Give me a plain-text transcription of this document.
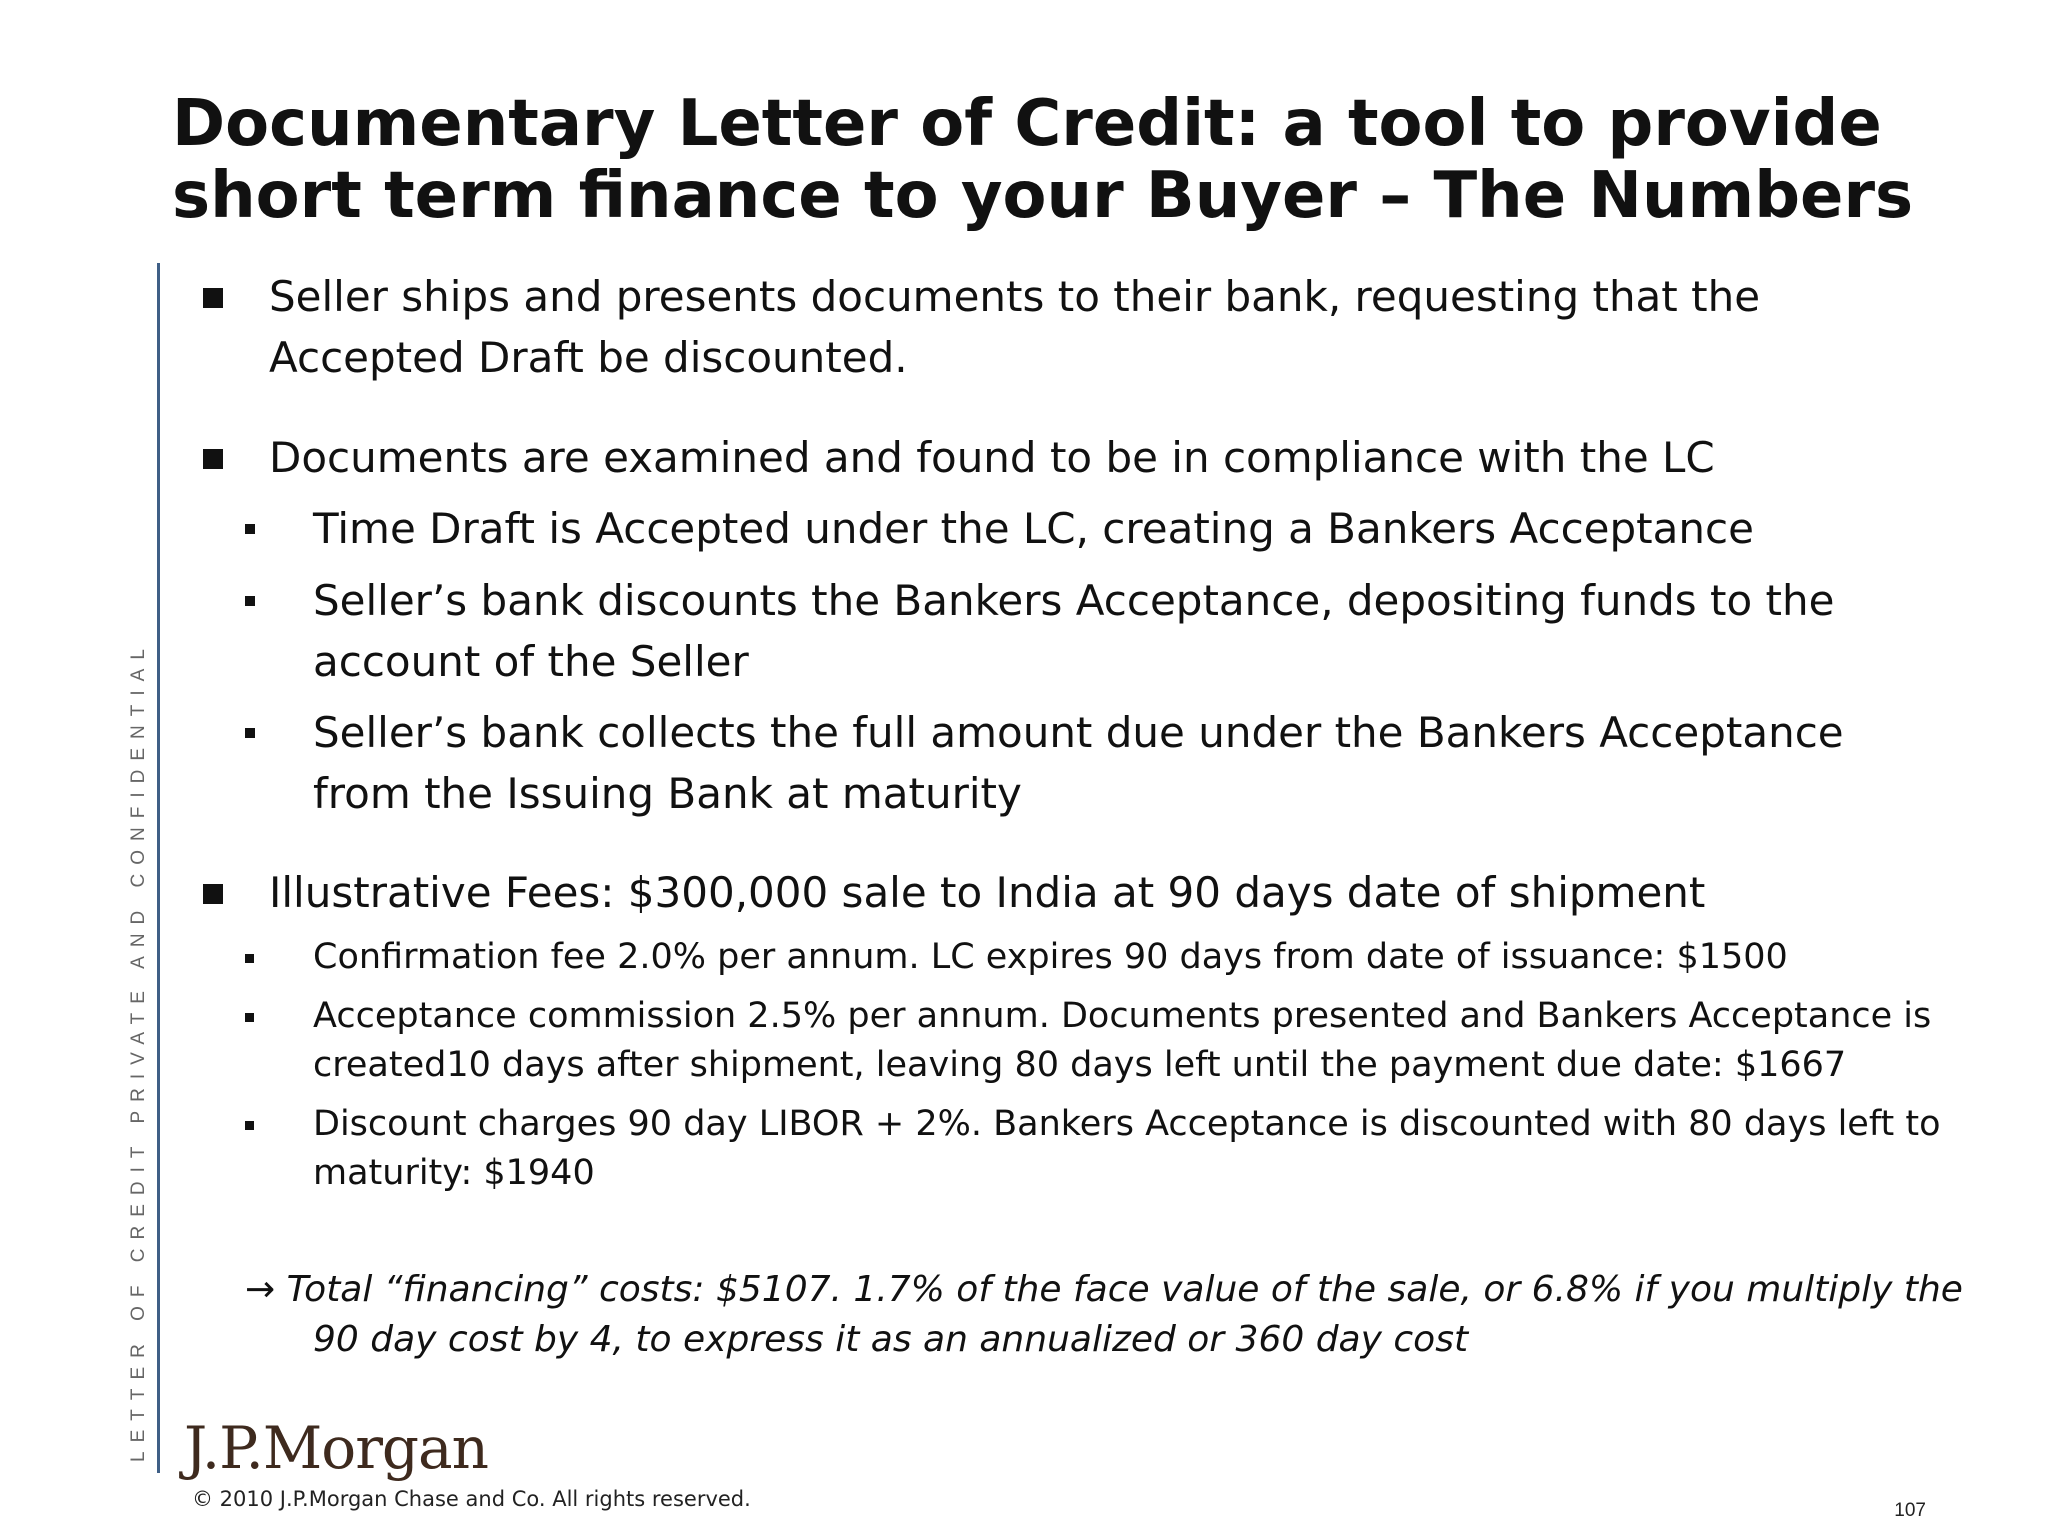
Documentary Letter of Credit: a tool to provide short term finance to your Buyer – The Numbers
LETTER OF CREDIT PRIVATE AND CONFIDENTIAL
Seller ships and presents documents to their bank, requesting that the Accepted Draft be discounted.
Documents are examined and found to be in compliance with the LC
Time Draft is Accepted under the LC, creating a Bankers Acceptance
Seller’s bank discounts the Bankers Acceptance, depositing funds to the account of the Seller
Seller’s bank collects the full amount due under the Bankers Acceptance from the Issuing Bank at maturity
Illustrative Fees: $300,000 sale to India at 90 days date of shipment
Confirmation fee 2.0% per annum. LC expires 90 days from date of issuance: $1500
Acceptance commission 2.5% per annum. Documents presented and Bankers Acceptance is created10 days after shipment, leaving 80 days left until the payment due date: $1667
Discount charges 90 day LIBOR + 2%. Bankers Acceptance is discounted with 80 days left to maturity: $1940
→ Total “financing” costs: $5107. 1.7% of the face value of the sale, or 6.8% if you multiply the
90 day cost by 4, to express it as an annualized or 360 day cost
J.P.Morgan
© 2010 J.P.Morgan Chase and Co. All rights reserved.	107
